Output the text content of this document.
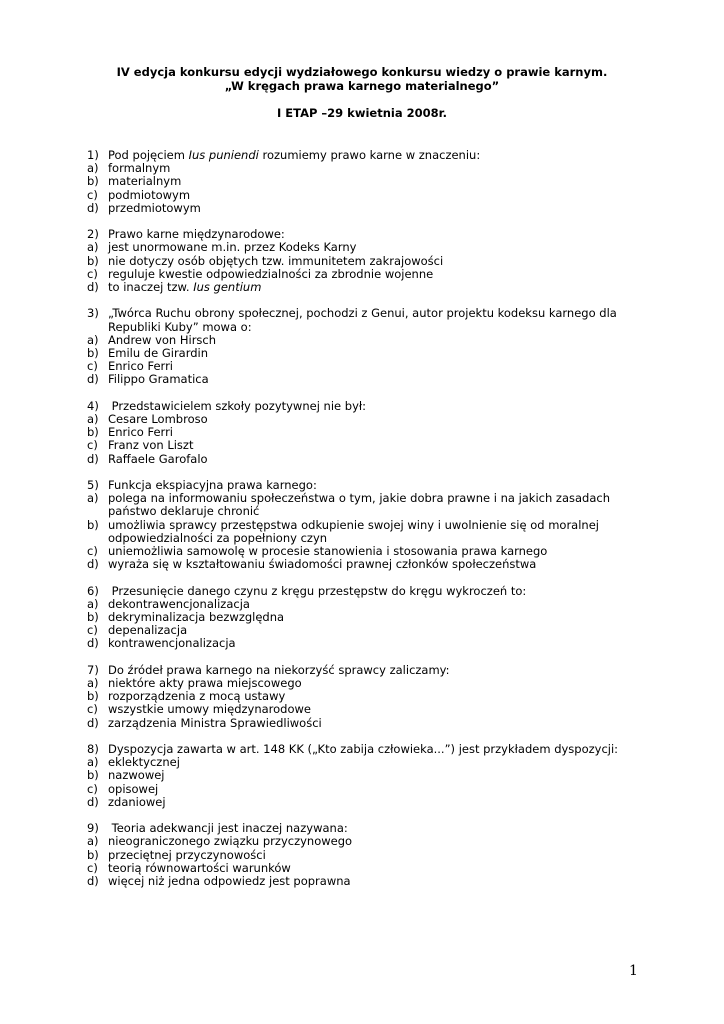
IV edycja konkursu edycji wydziałowego konkursu wiedzy o prawie karnym.
„W kręgach prawa karnego materialnego”
I ETAP –29 kwietnia 2008r.
1) Pod pojęciem Ius puniendi rozumiemy prawo karne w znaczeniu:
a) formalnym
b) materialnym
c) podmiotowym
d) przedmiotowym
2) Prawo karne międzynarodowe:
a) jest unormowane m.in. przez Kodeks Karny
b) nie dotyczy osób objętych tzw. immunitetem zakrajowości
c) reguluje kwestie odpowiedzialności za zbrodnie wojenne
d) to inaczej tzw. Ius gentium
3) „Twórca Ruchu obrony społecznej, pochodzi z Genui, autor projektu kodeksu karnego dla Republiki Kuby” mowa o:
a) Andrew von Hirsch
b) Emilu de Girardin
c) Enrico Ferri
d) Filippo Gramatica
4) Przedstawicielem szkoły pozytywnej nie był:
a) Cesare Lombroso
b) Enrico Ferri
c) Franz von Liszt
d) Raffaele Garofalo
5) Funkcja ekspiacyjna prawa karnego:
a) polega na informowaniu społeczeństwa o tym, jakie dobra prawne i na jakich zasadach państwo deklaruje chronić
b) umożliwia sprawcy przestępstwa odkupienie swojej winy i uwolnienie się od moralnej odpowiedzialności za popełniony czyn
c) uniemożliwia samowolę w procesie stanowienia i stosowania prawa karnego
d) wyraża się w kształtowaniu świadomości prawnej członków społeczeństwa
6) Przesunięcie danego czynu z kręgu przestępstw do kręgu wykroczeń to:
a) dekontrawencjonalizacja
b) dekryminalizacja bezwzględna
c) depenalizacja
d) kontrawencjonalizacja
7) Do źródeł prawa karnego na niekorzyść sprawcy zaliczamy:
a) niektóre akty prawa miejscowego
b) rozporządzenia z mocą ustawy
c) wszystkie umowy międzynarodowe
d) zarządzenia Ministra Sprawiedliwości
8) Dyspozycja zawarta w art. 148 KK („Kto zabija człowieka...”) jest przykładem dyspozycji:
a) eklektycznej
b) nazwowej
c) opisowej
d) zdaniowej
9) Teoria adekwancji jest inaczej nazywana:
a) nieograniczonego związku przyczynowego
b) przeciętnej przyczynowości
c) teorią równowartości warunków
d) więcej niż jedna odpowiedz jest poprawna
1
